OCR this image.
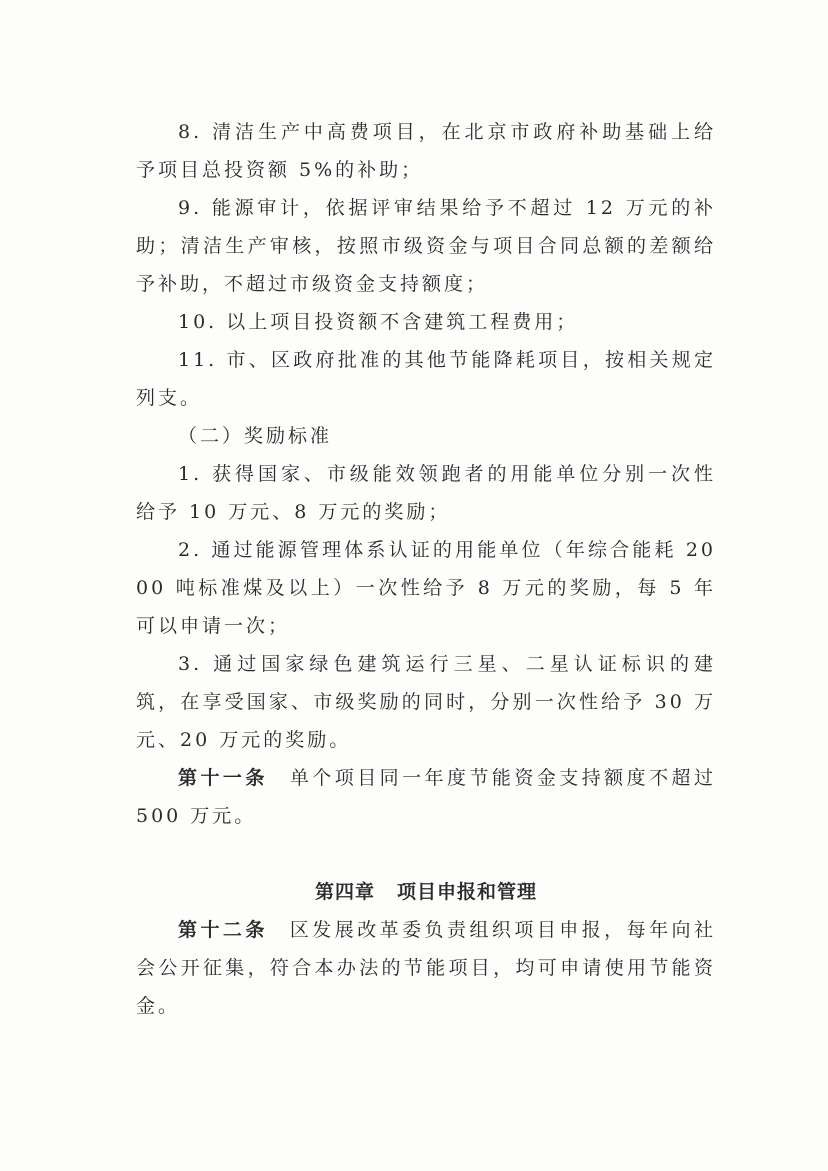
8. 清洁生产中高费项目，在北京市政府补助基础上给予项目总投资额 5%的补助；

9. 能源审计，依据评审结果给予不超过 12 万元的补助；清洁生产审核，按照市级资金与项目合同总额的差额给予补助，不超过市级资金支持额度；

10. 以上项目投资额不含建筑工程费用；

11. 市、区政府批准的其他节能降耗项目，按相关规定列支。

（二）奖励标准

1. 获得国家、市级能效领跑者的用能单位分别一次性给予 10 万元、8 万元的奖励；

2. 通过能源管理体系认证的用能单位（年综合能耗 2000 吨标准煤及以上）一次性给予 8 万元的奖励，每 5 年可以申请一次；

3. 通过国家绿色建筑运行三星、二星认证标识的建筑，在享受国家、市级奖励的同时，分别一次性给予 30 万元、20 万元的奖励。

第十一条 单个项目同一年度节能资金支持额度不超过 500 万元。

第四章 项目申报和管理

第十二条 区发展改革委负责组织项目申报，每年向社会公开征集，符合本办法的节能项目，均可申请使用节能资金。
